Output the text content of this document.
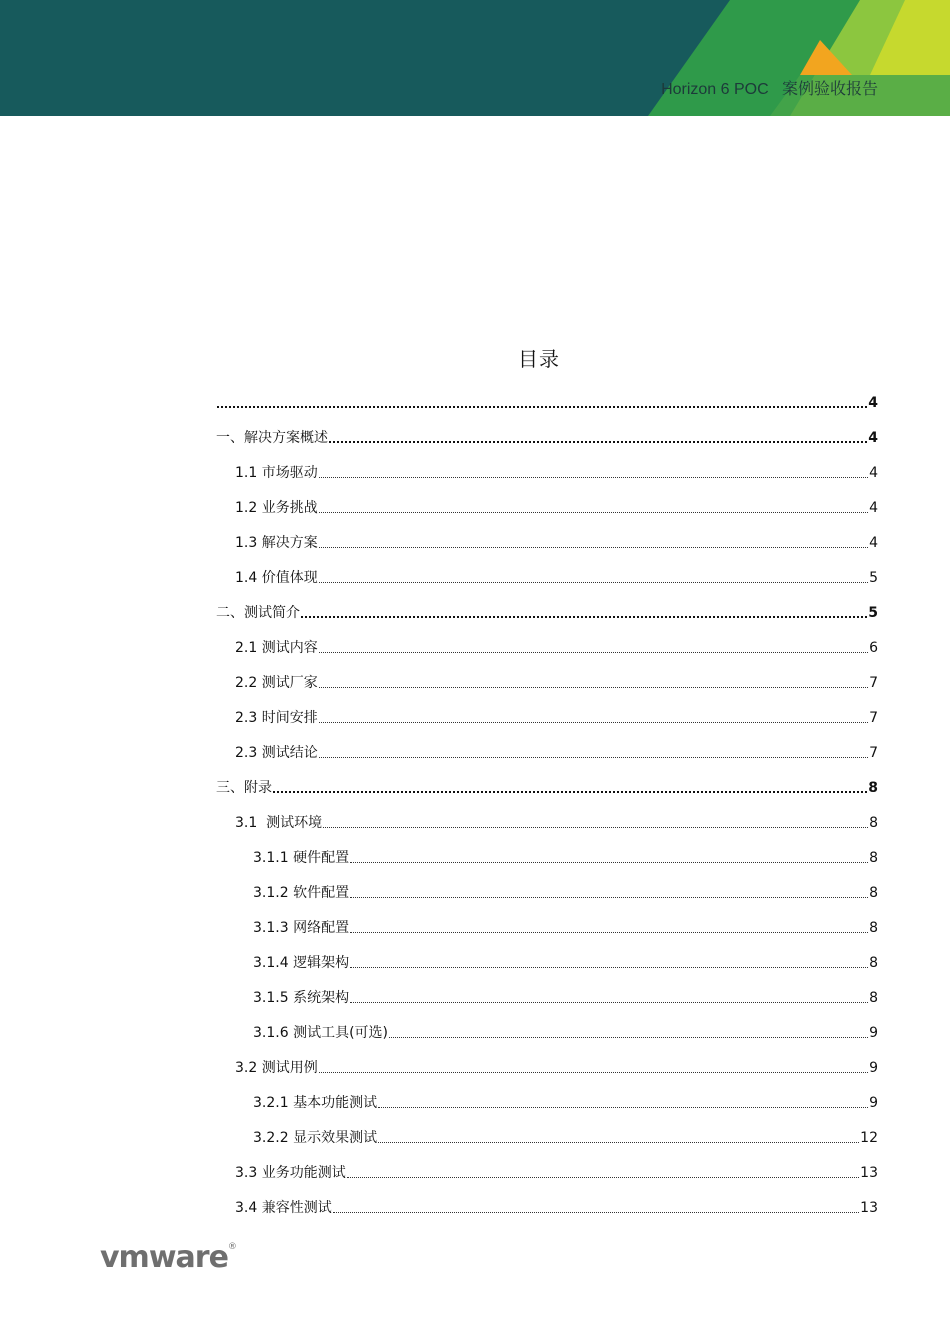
Horizon 6 POC   案例验收报告
目录
4
一、解决方案概述	4
1.1 市场驱动	4
1.2 业务挑战	4
1.3 解决方案	4
1.4 价值体现	5
二、测试简介	5
2.1 测试内容	6
2.2 测试厂家	7
2.3 时间安排	7
2.3 测试结论	7
三、附录	8
3.1  测试环境	8
3.1.1 硬件配置	8
3.1.2 软件配置	8
3.1.3 网络配置	8
3.1.4 逻辑架构	8
3.1.5 系统架构	8
3.1.6 测试工具(可选)	9
3.2 测试用例	9
3.2.1 基本功能测试	9
3.2.2 显示效果测试	12
3.3 业务功能测试	13
3.4 兼容性测试	13
vmware®
